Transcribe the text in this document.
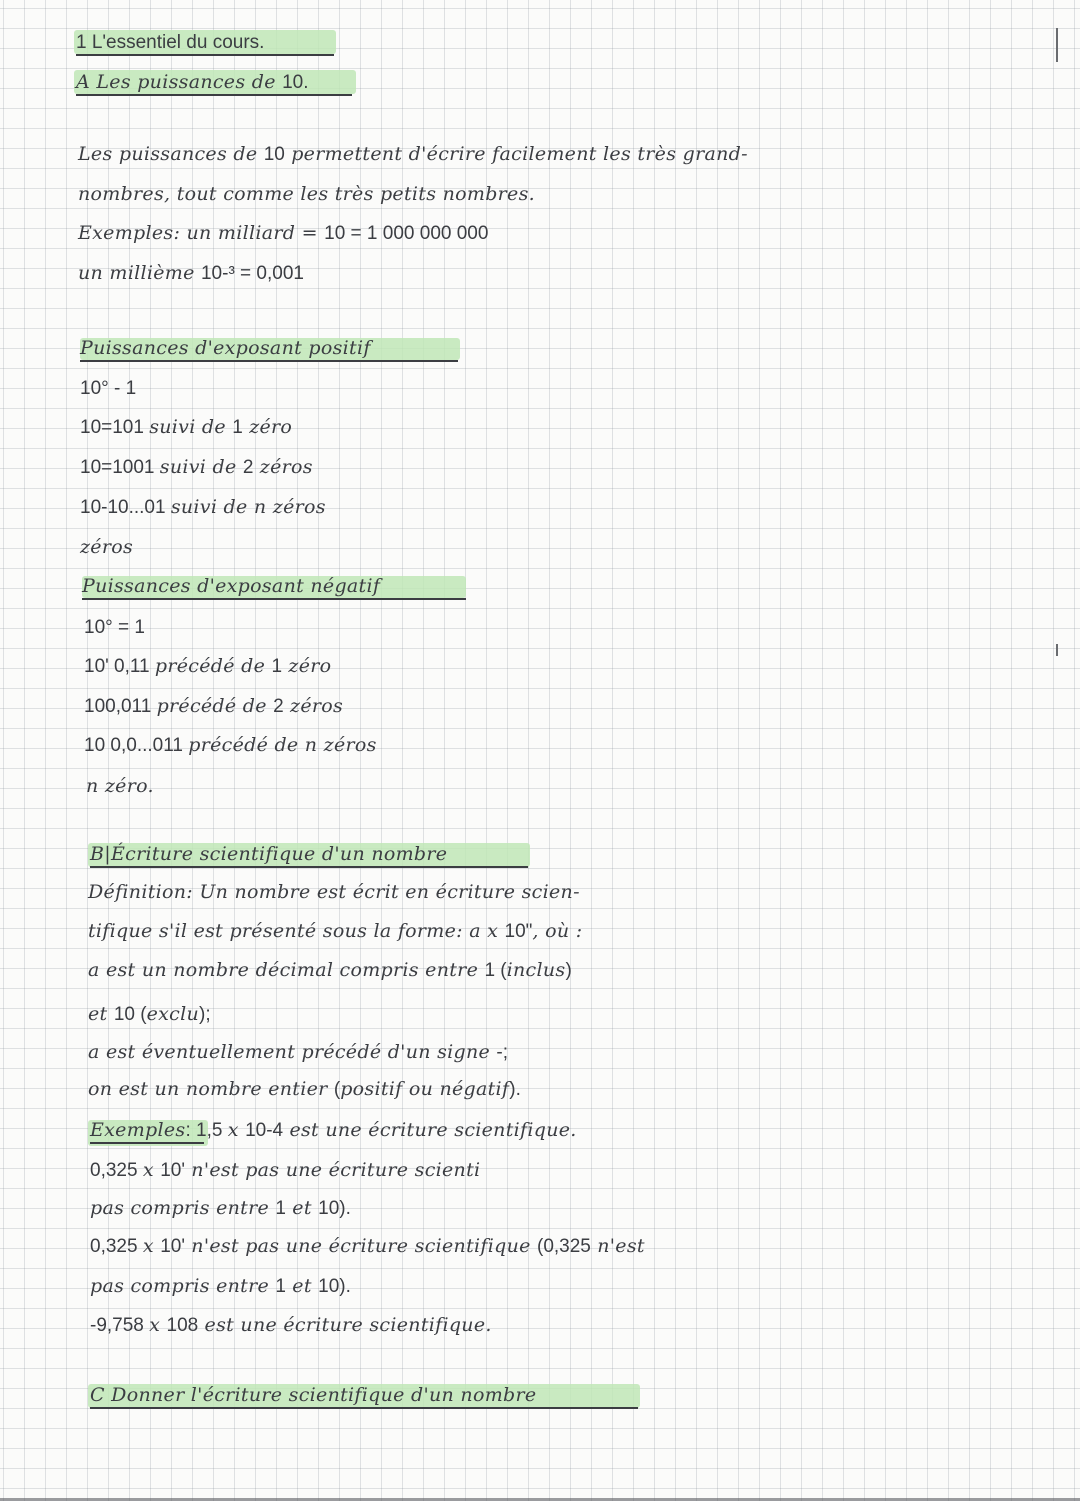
1 L'essentiel du cours.
A Les puissances de 10.
Les puissances de 10 permettent d'écrire facilement les très grand-
nombres, tout comme les très petits nombres.
Exemples: un milliard = 10 = 1 000 000 000
un millième 10-³ = 0,001
Puissances d'exposant positif
10° - 1
10=101 suivi de 1 zéro
10=1001 suivi de 2 zéros
10-10...01 suivi de n zéros
zéros
Puissances d'exposant négatif
10° = 1
10' 0,11 précédé de 1 zéro
100,011 précédé de 2 zéros
10 0,0...011 précédé de n zéros
n zéro.
B|Écriture scientifique d'un nombre
Définition: Un nombre est écrit en écriture scien-
tifique s'il est présenté sous la forme: a x 10", où :
a est un nombre décimal compris entre 1 (inclus)
et 10 (exclu);
a est éventuellement précédé d'un signe -;
on est un nombre entier (positif ou négatif).
Exemples: 1,5 x 10-4 est une écriture scientifique.
0,325 x 10' n'est pas une écriture scienti
pas compris entre 1 et 10).
0,325 x 10' n'est pas une écriture scientifique (0,325 n'est
pas compris entre 1 et 10).
-9,758 x 108 est une écriture scientifique.
C Donner l'écriture scientifique d'un nombre
